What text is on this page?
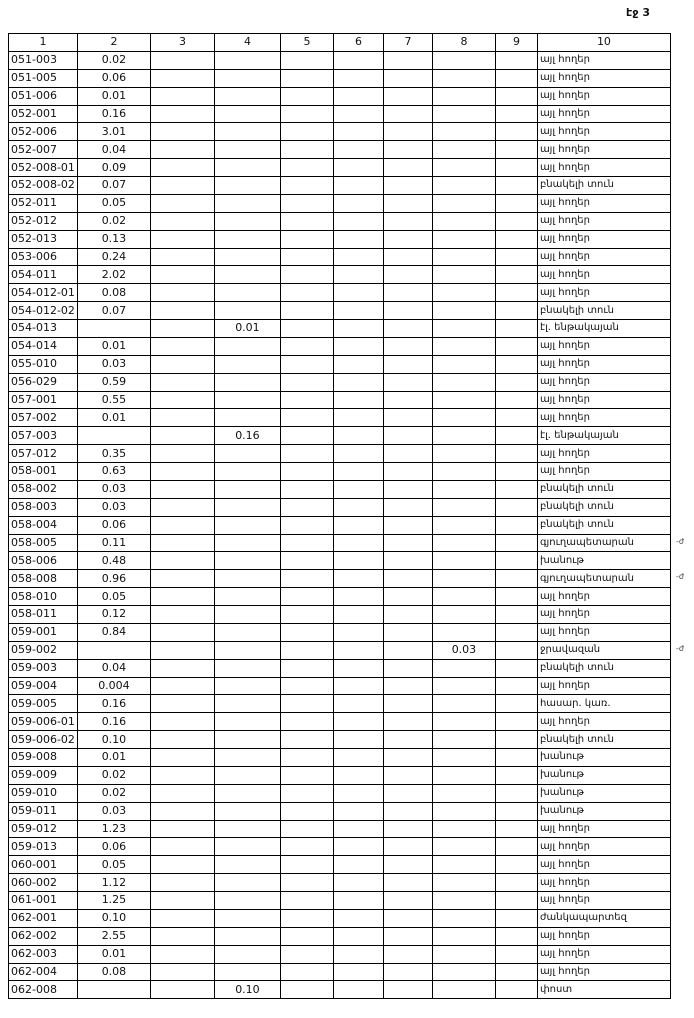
էջ 3
1	2	3	4	5	6	7	8	9	10
051-003	0.02								այլ հողեր
051-005	0.06								այլ հողեր
051-006	0.01								այլ հողեր
052-001	0.16								այլ հողեր
052-006	3.01								այլ հողեր
052-007	0.04								այլ հողեր
052-008-01	0.09								այլ հողեր
052-008-02	0.07								բնակելի տուն
052-011	0.05								այլ հողեր
052-012	0.02								այլ հողեր
052-013	0.13								այլ հողեր
053-006	0.24								այլ հողեր
054-011	2.02								այլ հողեր
054-012-01	0.08								այլ հողեր
054-012-02	0.07								բնակելի տուն
054-013			0.01						էլ. ենթակայան
054-014	0.01								այլ հողեր
055-010	0.03								այլ հողեր
056-029	0.59								այլ հողեր
057-001	0.55								այլ հողեր
057-002	0.01								այլ հողեր
057-003			0.16						էլ. ենթակայան
057-012	0.35								այլ հողեր
058-001	0.63								այլ հողեր
058-002	0.03								բնակելի տուն
058-003	0.03								բնակելի տուն
058-004	0.06								բնակելի տուն
058-005	0.11								գյուղապետարան
058-006	0.48								խանութ
058-008	0.96								գյուղապետարան
058-010	0.05								այլ հողեր
058-011	0.12								այլ հողեր
059-001	0.84								այլ հողեր
059-002							0.03		ջրավազան
059-003	0.04								բնակելի տուն
059-004	0.004								այլ հողեր
059-005	0.16								հասար. կառ.
059-006-01	0.16								այլ հողեր
059-006-02	0.10								բնակելի տուն
059-008	0.01								խանութ
059-009	0.02								խանութ
059-010	0.02								խանութ
059-011	0.03								խանութ
059-012	1.23								այլ հողեր
059-013	0.06								այլ հողեր
060-001	0.05								այլ հողեր
060-002	1.12								այլ հողեր
061-001	1.25								այլ հողեր
062-001	0.10								ժանկապարտեզ
062-002	2.55								այլ հողեր
062-003	0.01								այլ հողեր
062-004	0.08								այլ հողեր
062-008			0.10						փոստ
-ժ
-ժ
-ժ
